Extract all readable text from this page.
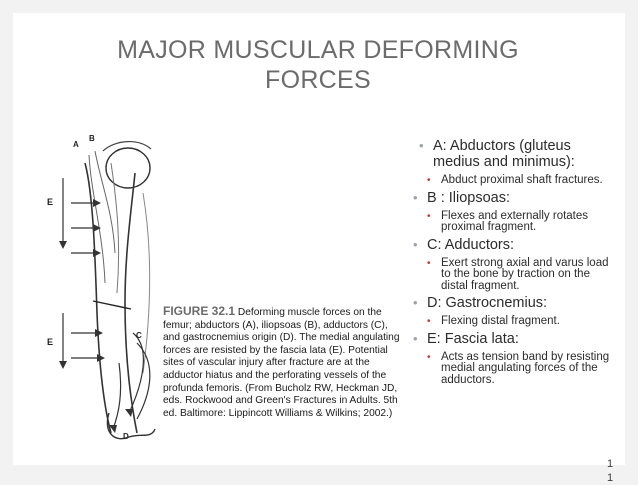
MAJOR MUSCULAR DEFORMING
FORCES
A
B
E
E
C
D
FIGURE 32.1 Deforming muscle forces on the femur; abductors (A), iliopsoas (B), adductors (C), and gastrocnemius origin (D). The medial angulating forces are resisted by the fascia lata (E). Potential sites of vascular injury after fracture are at the adductor hiatus and the perforating vessels of the profunda femoris. (From Bucholz RW, Heckman JD, eds. Rockwood and Green's Fractures in Adults. 5th ed. Baltimore: Lippincott Williams & Wilkins; 2002.)
• A: Abductors (gluteus medius and minimus):
• Abduct proximal shaft fractures.
• B : Iliopsoas:
• Flexes and externally rotates proximal fragment.
• C: Adductors:
• Exert strong axial and varus load to the bone by traction on the distal fragment.
• D: Gastrocnemius:
• Flexing distal fragment.
• E: Fascia lata:
• Acts as tension band by resisting medial angulating forces of the adductors.
1 1
